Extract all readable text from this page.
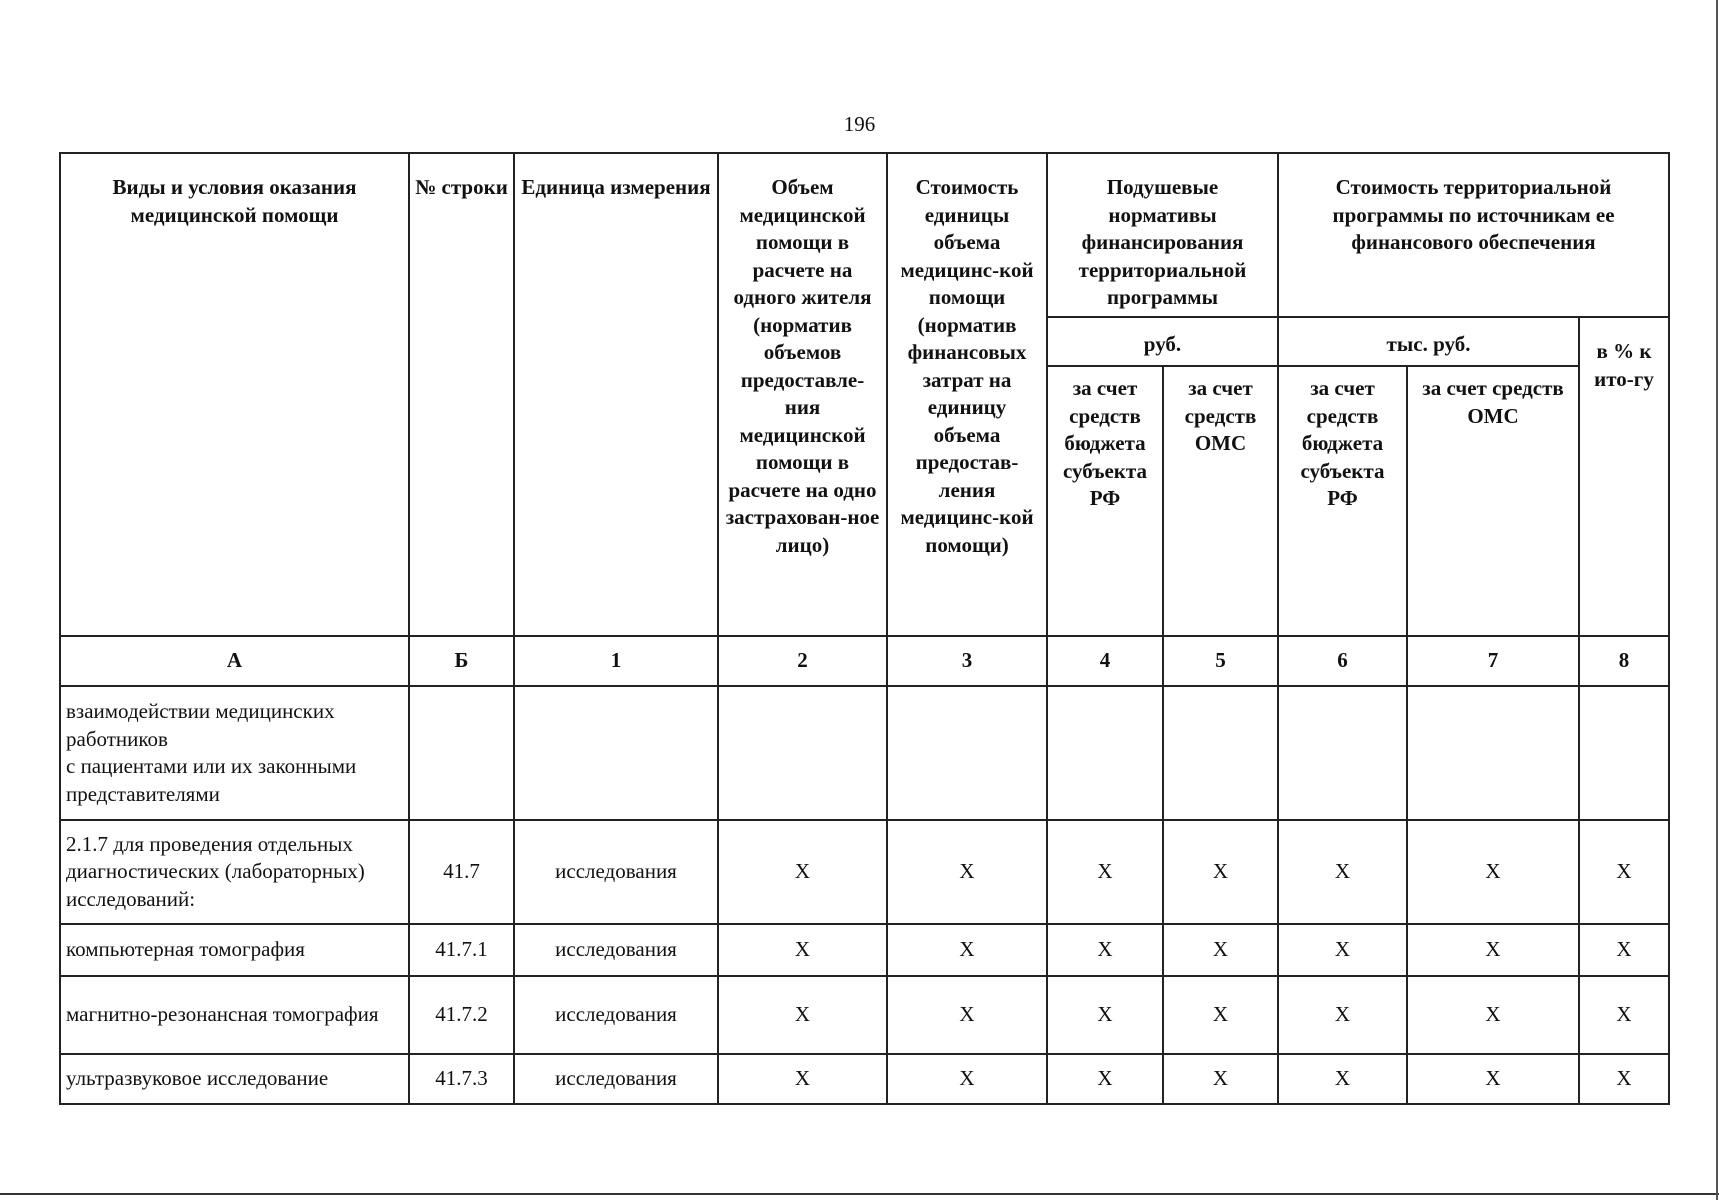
196
Виды и условия оказания медицинской помощи	№ строки	Единица измерения	Объем медицинской помощи в расчете на одного жителя (норматив объемов предоставле-ния медицинской помощи в расчете на одно застрахован-ное лицо)	Стоимость единицы объема медицинс-кой помощи (норматив финансовых затрат на единицу объема предостав-ления медицинс-кой помощи)	Подушевые нормативы финансирования территориальной программы		Стоимость территориальной программы по источникам ее финансового обеспечения		
					руб.		тыс. руб.		в % к ито-гу
					за счет средств бюджета субъекта РФ	за счет средств ОМС	за счет средств бюджета субъекта РФ	за счет средств ОМС	
А	Б	1	2	3	4	5	6	7	8
взаимодействии медицинских работников
с пациентами или их законными представителями									
2.1.7 для проведения отдельных диагностических (лабораторных) исследований:	41.7	исследования	Х	Х	Х	Х	Х	Х	Х
компьютерная томография	41.7.1	исследования	Х	Х	Х	Х	Х	Х	Х
магнитно-резонансная томография	41.7.2	исследования	Х	Х	Х	Х	Х	Х	Х
ультразвуковое исследование	41.7.3	исследования	Х	Х	Х	Х	Х	Х	Х
